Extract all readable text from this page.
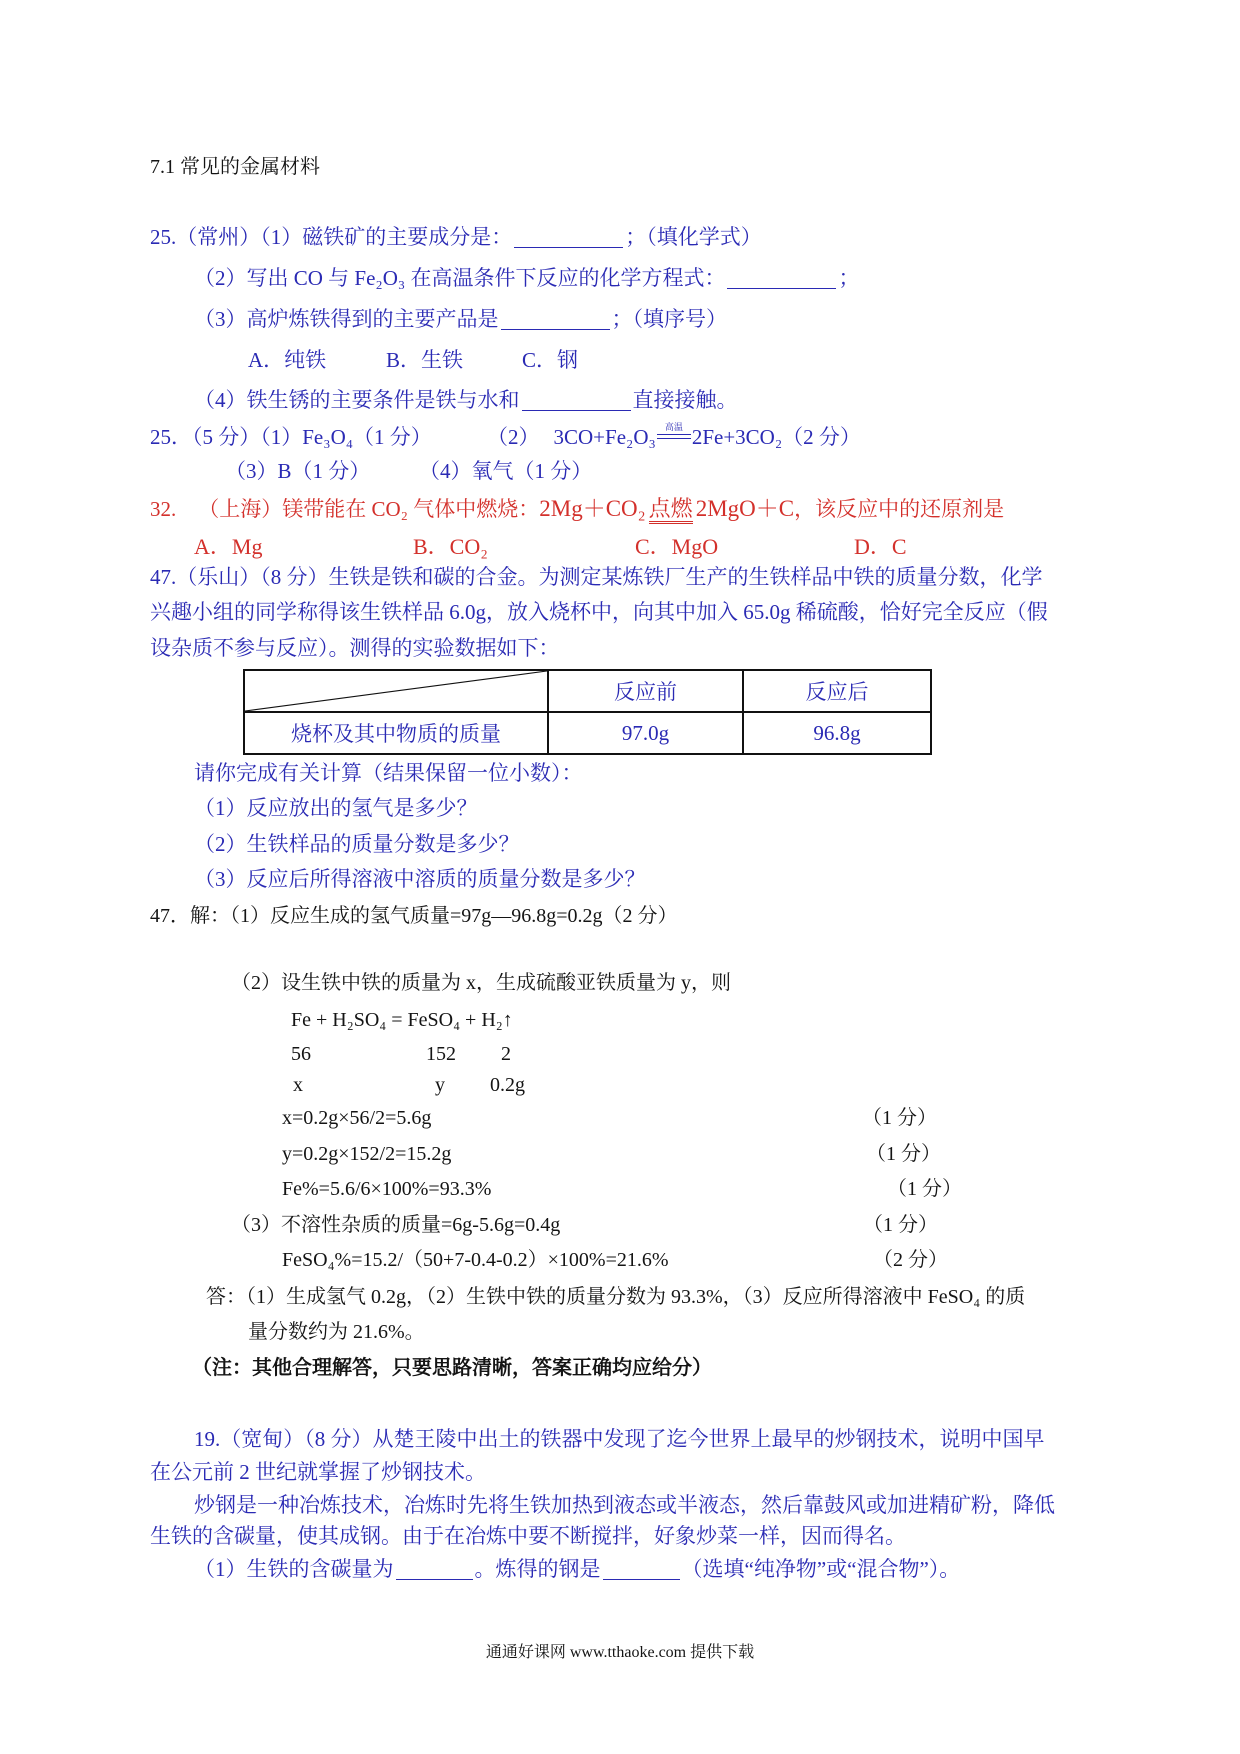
7.1 常见的金属材料
25.（常州）（1）磁铁矿的主要成分是：	；（填化学式）
（2）写出 CO 与 Fe₂O₃ 在高温条件下反应的化学方程式：	；
（3）高炉炼铁得到的主要产品是	；（填序号）
A．纯铁	B．生铁	C．钢
（4）铁生锈的主要条件是铁与水和	直接接触。
25．（5 分）（1）Fe₃O₄（1 分）	（2） 3CO+Fe₂O₃ 高温 2Fe+3CO₂（2 分）
（3）B（1 分） （4）氧气（1 分）
32. （上海）镁带能在 CO₂ 气体中燃烧：2Mg＋CO₂ 点燃 2MgO＋C，该反应中的还原剂是
A．Mg	B．CO₂	C．MgO	D．C
47.（乐山）（8 分）生铁是铁和碳的合金。为测定某炼铁厂生产的生铁样品中铁的质量分数，化学
兴趣小组的同学称得该生铁样品 6.0g，放入烧杯中，向其中加入 65.0g 稀硫酸，恰好完全反应（假
设杂质不参与反应）。测得的实验数据如下：
	反应前	反应后
烧杯及其中物质的质量	97.0g	96.8g
请你完成有关计算（结果保留一位小数）：
（1）反应放出的氢气是多少？
（2）生铁样品的质量分数是多少？
（3）反应后所得溶液中溶质的质量分数是多少？
47．解：（1）反应生成的氢气质量=97g—96.8g=0.2g（2 分）
（2）设生铁中铁的质量为 x，生成硫酸亚铁质量为 y，则
Fe + H₂SO₄ = FeSO₄ + H₂↑
56	152 2
x	y 0.2g
x=0.2g×56/2=5.6g	（1 分）
y=0.2g×152/2=15.2g	（1 分）
Fe%=5.6/6×100%=93.3%	（1 分）
（3）不溶性杂质的质量=6g-5.6g=0.4g	（1 分）
FeSO₄%=15.2/（50+7-0.4-0.2）×100%=21.6%	（2 分）
答：（1）生成氢气 0.2g，（2）生铁中铁的质量分数为 93.3%，（3）反应所得溶液中 FeSO₄ 的质
量分数约为 21.6%。
（注：其他合理解答，只要思路清晰，答案正确均应给分）
19.（宽甸）（8 分）从楚王陵中出土的铁器中发现了迄今世界上最早的炒钢技术，说明中国早
在公元前 2 世纪就掌握了炒钢技术。
炒钢是一种冶炼技术，冶炼时先将生铁加热到液态或半液态，然后靠鼓风或加进精矿粉，降低
生铁的含碳量，使其成钢。由于在冶炼中要不断搅拌，好象炒菜一样，因而得名。
（1）生铁的含碳量为	。炼得的钢是	（选填“纯净物”或“混合物”）。
通通好课网 www.tthaoke.com 提供下载
